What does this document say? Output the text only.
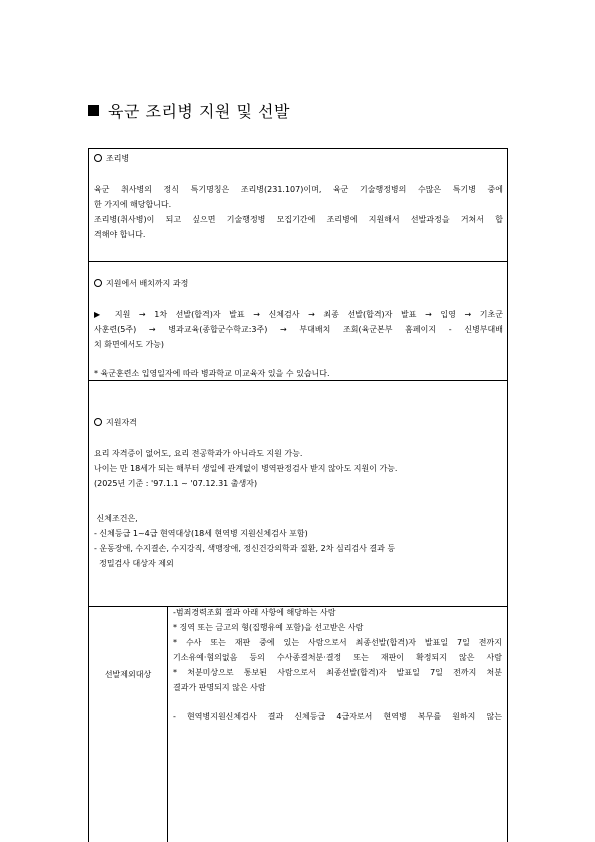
육군 조리병 지원 및 선발
조리병
육군 취사병의 정식 특기명칭은 조리병(231.107)이며, 육군 기술행정병의 수많은 특기병 중에
한 가지에 해당합니다.
조리병(취사병)이 되고 싶으면 기술행정병 모집기간에 조리병에 지원해서 선발과정을 거쳐서 합
격해야 합니다.
지원에서 배치까지 과정
▶ 지원 → 1차 선발(합격)자 발표 → 신체검사 → 최종 선발(합격)자 발표 → 입영 → 기초군
사훈련(5주) → 병과교육(종합군수학교:3주) → 부대배치 조회(육군본부 홈페이지 - 신병부대배
치 화면에서도 가능)
* 육군훈련소 입영일자에 따라 병과학교 미교육자 있을 수 있습니다.
지원자격
요리 자격증이 없어도, 요리 전공학과가 아니라도 지원 가능.
나이는 만 18세가 되는 해부터 생일에 관계없이 병역판정검사 받지 않아도 지원이 가능.
(2025년 기준 : '97.1.1 ~ '07.12.31 출생자)
신체조건은,
- 신체등급 1~4급 현역대상(18세 현역병 지원신체검사 포함)
- 운동장애, 수지결손, 수지강직, 색맹장애, 정신건강의학과 질환, 2차 심리검사 결과 등
정밀검사 대상자 제외
선발제외대상
-범죄경력조회 결과 아래 사항에 해당하는 사람
* 징역 또는 금고의 형(집행유예 포함)을 선고받은 사람
* 수사 또는 재판 중에 있는 사람으로서 최종선발(합격)자 발표일 7일 전까지
기소유예·혐의없음 등의 수사종결처분·결정 또는 재판이 확정되지 않은 사람
* 처분미상으로 통보된 사람으로서 최종선발(합격)자 발표일 7일 전까지 처분
결과가 판명되지 않은 사람
- 현역병지원신체검사 결과 신체등급 4급자로서 현역병 복무를 원하지 않는
